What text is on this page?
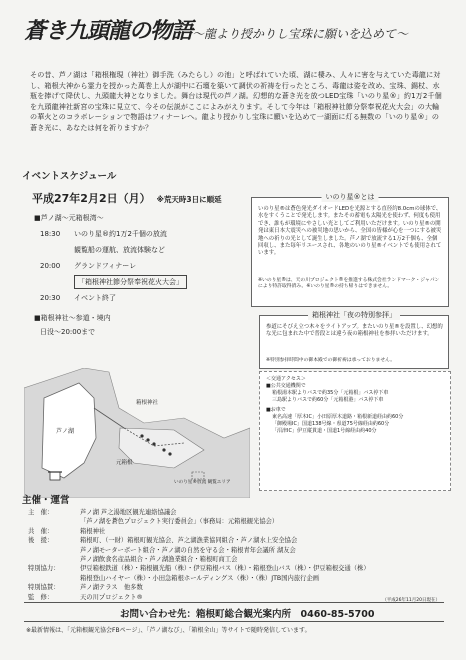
蒼き九頭龍の物語〜龍より授かりし宝珠に願いを込めて〜
その昔、芦ノ湖は「箱根権現（神社）御手洗（みたらし）の池」と呼ばれていた頃、湖に棲み、人々に害を与えていた毒龍に対し、箱根大神から霊力を授かった萬巻上人が湖中に石壇を築いて調伏の祈祷を行ったところ、毒龍は姿を改め、宝珠、錫杖、水瓶を捧げて降伏し、九頭龍大神となりました。舞台は現代の芦ノ湖。幻想的な蒼き光を放つLED宝珠「いのり星®」約1万2千個を九頭龍神社新宮の宝珠に見立て、今その伝説がここによみがえります。そして今年は「箱根神社節分祭奉祝花火大会」の大輪の華火とのコラボレーションで物語はフィナーレへ。龍より授かりし宝珠に願いを込めて一湖面に灯る無数の「いのり星®」の蒼き光に、あなたは何を祈りますか？
イベントスケジュール
平成27年2月2日（月） ※荒天時3日に順延
■芦ノ湖〜元箱根湾〜
18:30 いのり星®約1万2千個の放流
観覧船の運航、放流体験など
20:00 グランドフィナーレ
「箱根神社節分祭奉祝花火大会」
20:30 イベント終了
■箱根神社〜参道・境内
日没〜20:00まで
いのり星®とは
いのり星®は蒼色発光ダイオードLEDを光源とする直径約8.0cmの球体で、水をすくうことで発光します。またその蓄電も太陽光を使わず、何度も使用でき、誰もが環境にやさしい光としてご利用いただけます。いのり星®の開発は東日本大震災への被災地の思いから、全国の皆様が心を一つにする被災地への祈りの光として誕生しました。芦ノ湖で放流する1万2千個も、全個回収し、また毎年リユースされ、各地のいのり星®イベントでも使用されています。
※いのり星®は、天の川プロジェクト®を推進する株式会社ランドマーク・ジャパンにより特許取得済み。※いのり星®の持ち帰りはできません。
箱根神社「夜の特別参拝」
参道にそびえ立つ木々をライトアップ。またいのり星®を設置し、幻想的な光に包まれた中で普段とは違う夜の箱根神社を参拝いただけます。
※特別参拝時間中の御本殿での御祈祷は承っておりません。
芦ノ湖
箱根神社
元箱根
いのり星®放流 観覧エリア
＜交通アクセス＞
■公共交通機関で
箱根湯本駅よりバスで約35分「元箱根」バス停下車
三島駅よりバスで約60分「元箱根港」バス停下車
■お車で
東名高速「厚木IC」小田原厚木道路・箱根新道経由約60分
「御殿場IC」国道138号線・県道75号線経由約60分
「沼津IC」伊豆縦貫道・国道1号線経由約40分
主催・運営
主　催：	芦ノ湖 芦之湯地区観光連絡協議会
「芦ノ湖を蒼色プロジェクト実行委員会」（事務局：元箱根観光協会）
共　催：	箱根神社
後　援：	箱根町、（一財）箱根町観光協会、芦之湖漁業協同組合・芦ノ湖水上安全協会
芦ノ湖モーターボート組合・芦ノ湖の自然を守る会・箱根青年会議所 湖友会
芦ノ湖飲食名産品組合・芦ノ湖漁業組合・箱根町商工会
特別協力：	伊豆箱根鉄道（株）・箱根観光船（株）・伊豆箱根バス（株）・箱根登山バス（株）・伊豆箱根交通（株）
箱根登山ハイヤー（株）・小田急箱根ホールディングス（株）・（株）JTB国内旅行企画
特別協賛：	芦ノ湖テラス　他多数
監　修：	天の川プロジェクト®	（平成26年11月20日現在）
お問い合わせ先：箱根町総合観光案内所　0460-85-5700
※最新情報は、「元箱根観光協会FBページ」、「芦ノ湖なび」、「箱根全山」等サイトで随時発信しています。
